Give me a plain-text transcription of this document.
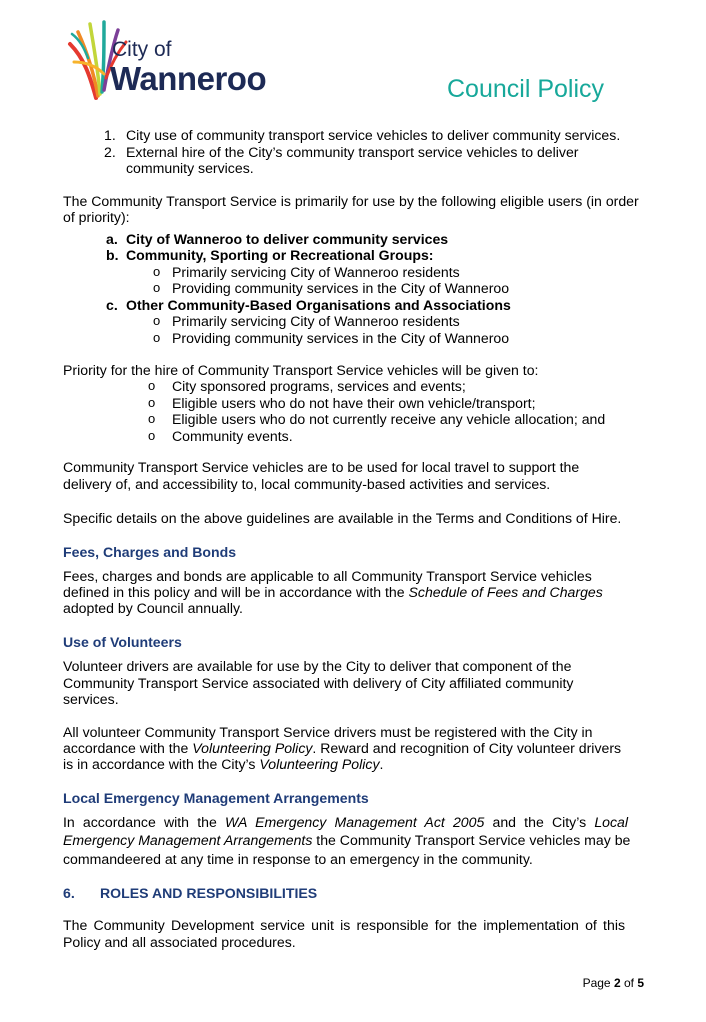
City of
Wanneroo	Council Policy
1. City use of community transport service vehicles to deliver community services.
2. External hire of the City’s community transport service vehicles to deliver
community services.
The Community Transport Service is primarily for use by the following eligible users (in order
of priority):
a. City of Wanneroo to deliver community services
b. Community, Sporting or Recreational Groups:
o Primarily servicing City of Wanneroo residents
o Providing community services in the City of Wanneroo
c. Other Community-Based Organisations and Associations
o Primarily servicing City of Wanneroo residents
o Providing community services in the City of Wanneroo
Priority for the hire of Community Transport Service vehicles will be given to:
o City sponsored programs, services and events;
o Eligible users who do not have their own vehicle/transport;
o Eligible users who do not currently receive any vehicle allocation; and
o Community events.
Community Transport Service vehicles are to be used for local travel to support the
delivery of, and accessibility to, local community-based activities and services.
Specific details on the above guidelines are available in the Terms and Conditions of Hire.
Fees, Charges and Bonds
Fees, charges and bonds are applicable to all Community Transport Service vehicles
defined in this policy and will be in accordance with the Schedule of Fees and Charges
adopted by Council annually.
Use of Volunteers
Volunteer drivers are available for use by the City to deliver that component of the
Community Transport Service associated with delivery of City affiliated community
services.
All volunteer Community Transport Service drivers must be registered with the City in
accordance with the Volunteering Policy. Reward and recognition of City volunteer drivers
is in accordance with the City’s Volunteering Policy.
Local Emergency Management Arrangements
In accordance with the WA Emergency Management Act 2005 and the City’s Local
Emergency Management Arrangements the Community Transport Service vehicles may be
commandeered at any time in response to an emergency in the community.
6. ROLES AND RESPONSIBILITIES
The Community Development service unit is responsible for the implementation of this
Policy and all associated procedures.
Page 2 of 5
